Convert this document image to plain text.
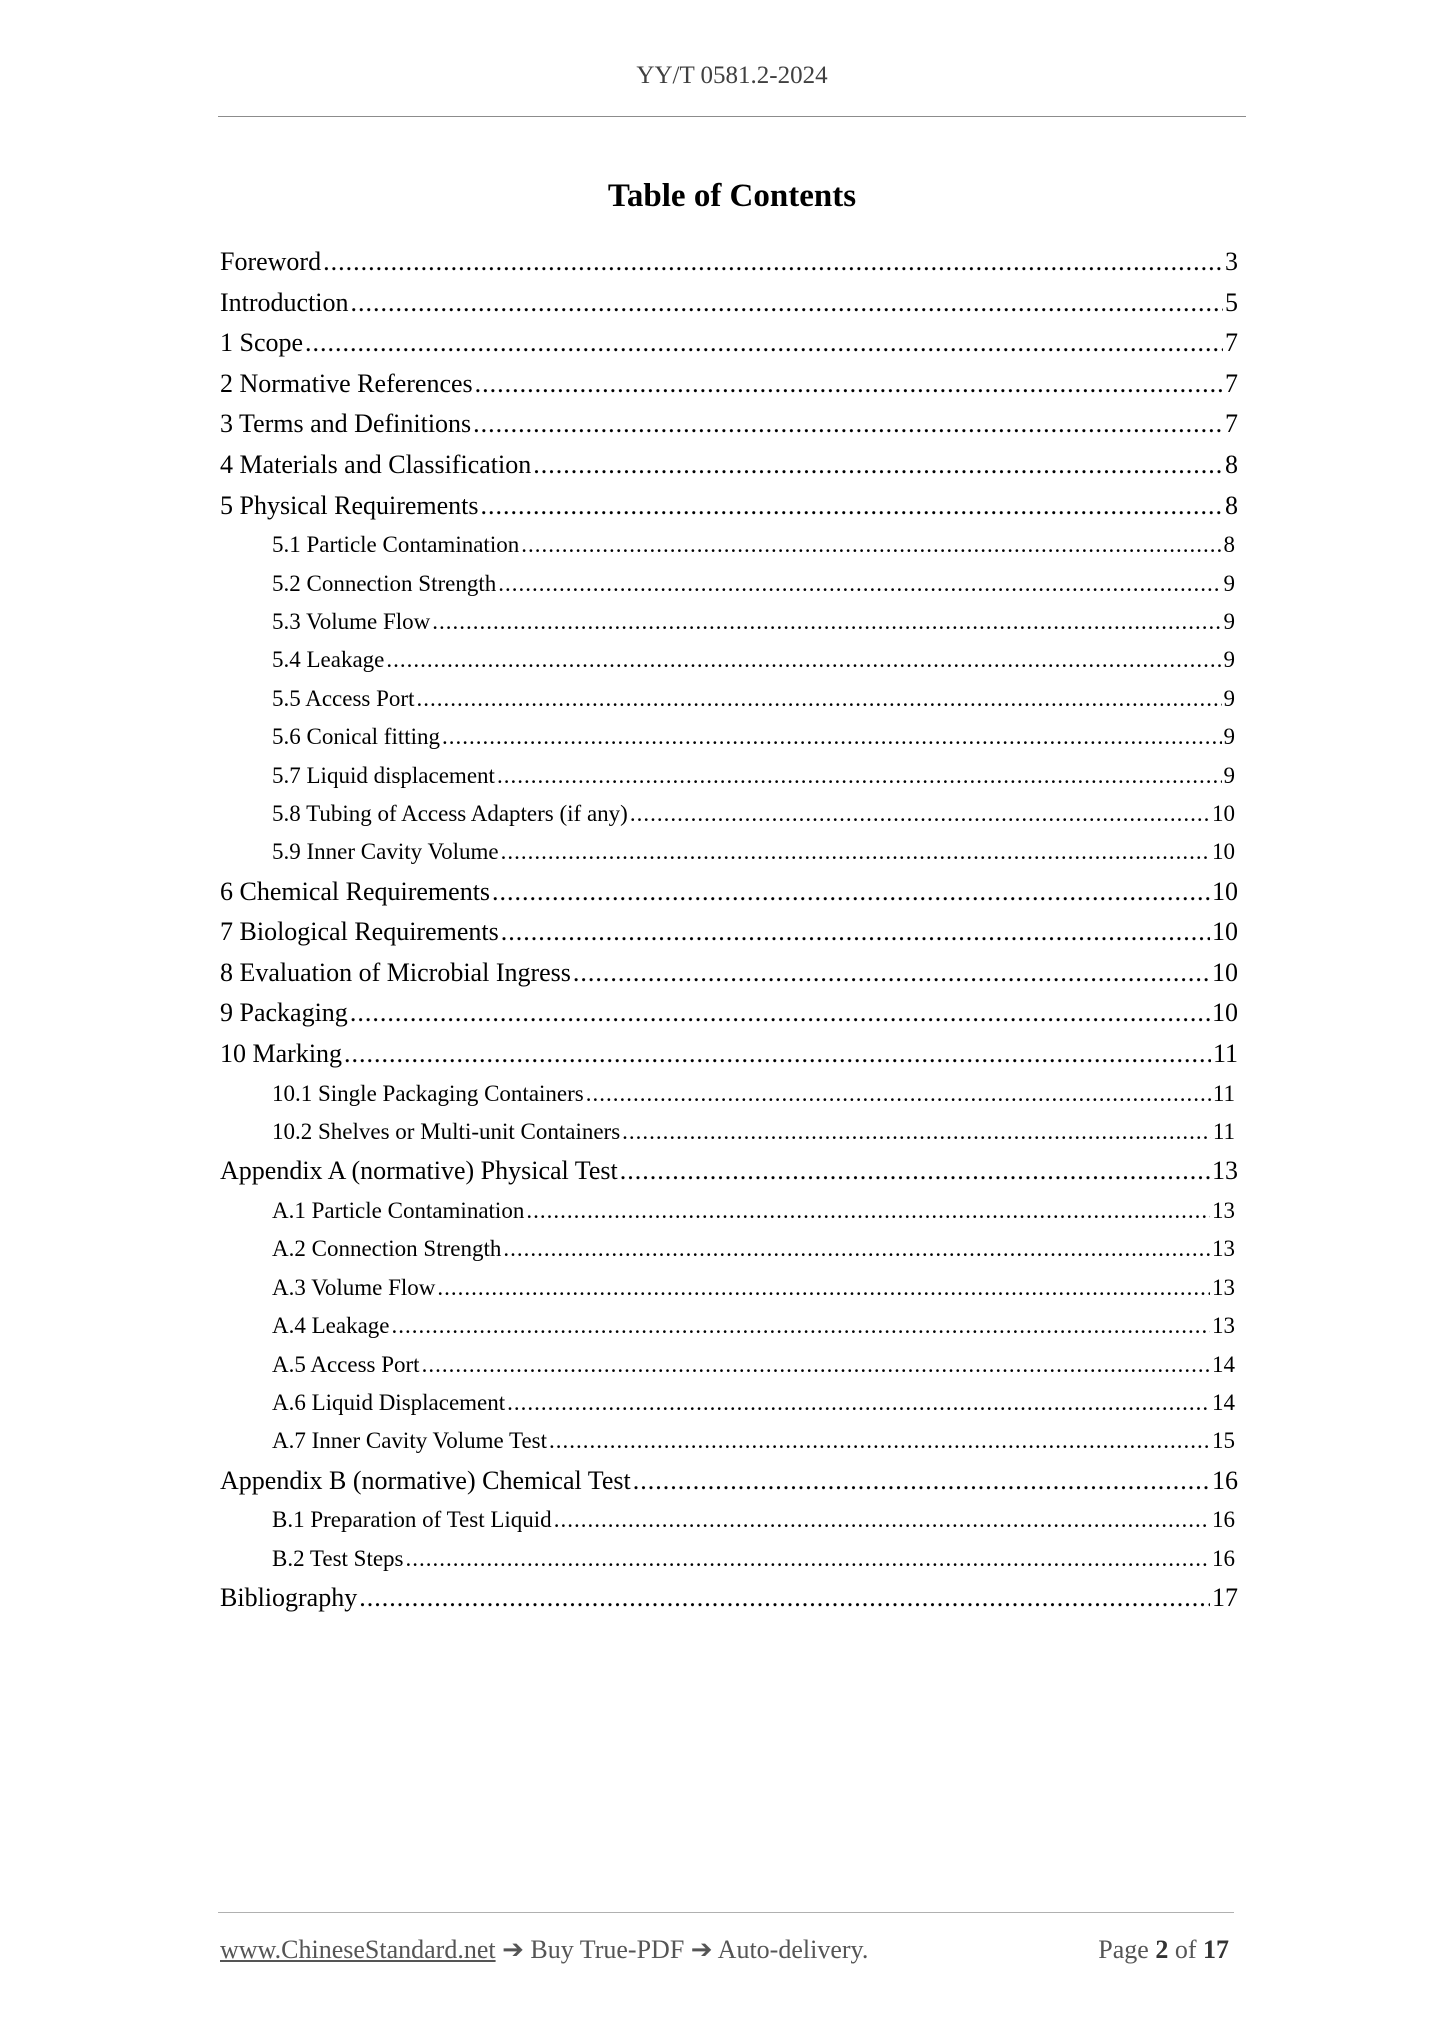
YY/T 0581.2-2024
Table of Contents
Foreword .....	3
Introduction .....	5
1 Scope .....	7
2 Normative References .....	7
3 Terms and Definitions .....	7
4 Materials and Classification .....	8
5 Physical Requirements .....	8
5.1 Particle Contamination .....	8
5.2 Connection Strength .....	9
5.3 Volume Flow .....	9
5.4 Leakage .....	9
5.5 Access Port .....	9
5.6 Conical fitting .....	9
5.7 Liquid displacement .....	9
5.8 Tubing of Access Adapters (if any) .....	10
5.9 Inner Cavity Volume .....	10
6 Chemical Requirements .....	10
7 Biological Requirements .....	10
8 Evaluation of Microbial Ingress .....	10
9 Packaging .....	10
10 Marking .....	11
10.1 Single Packaging Containers .....	11
10.2 Shelves or Multi-unit Containers .....	11
Appendix A (normative) Physical Test .....	13
A.1 Particle Contamination .....	13
A.2 Connection Strength .....	13
A.3 Volume Flow .....	13
A.4 Leakage .....	13
A.5 Access Port .....	14
A.6 Liquid Displacement .....	14
A.7 Inner Cavity Volume Test .....	15
Appendix B (normative) Chemical Test .....	16
B.1 Preparation of Test Liquid .....	16
B.2 Test Steps .....	16
Bibliography .....	17
www.ChineseStandard.net ➔ Buy True-PDF ➔ Auto-delivery.	Page 2 of 17
